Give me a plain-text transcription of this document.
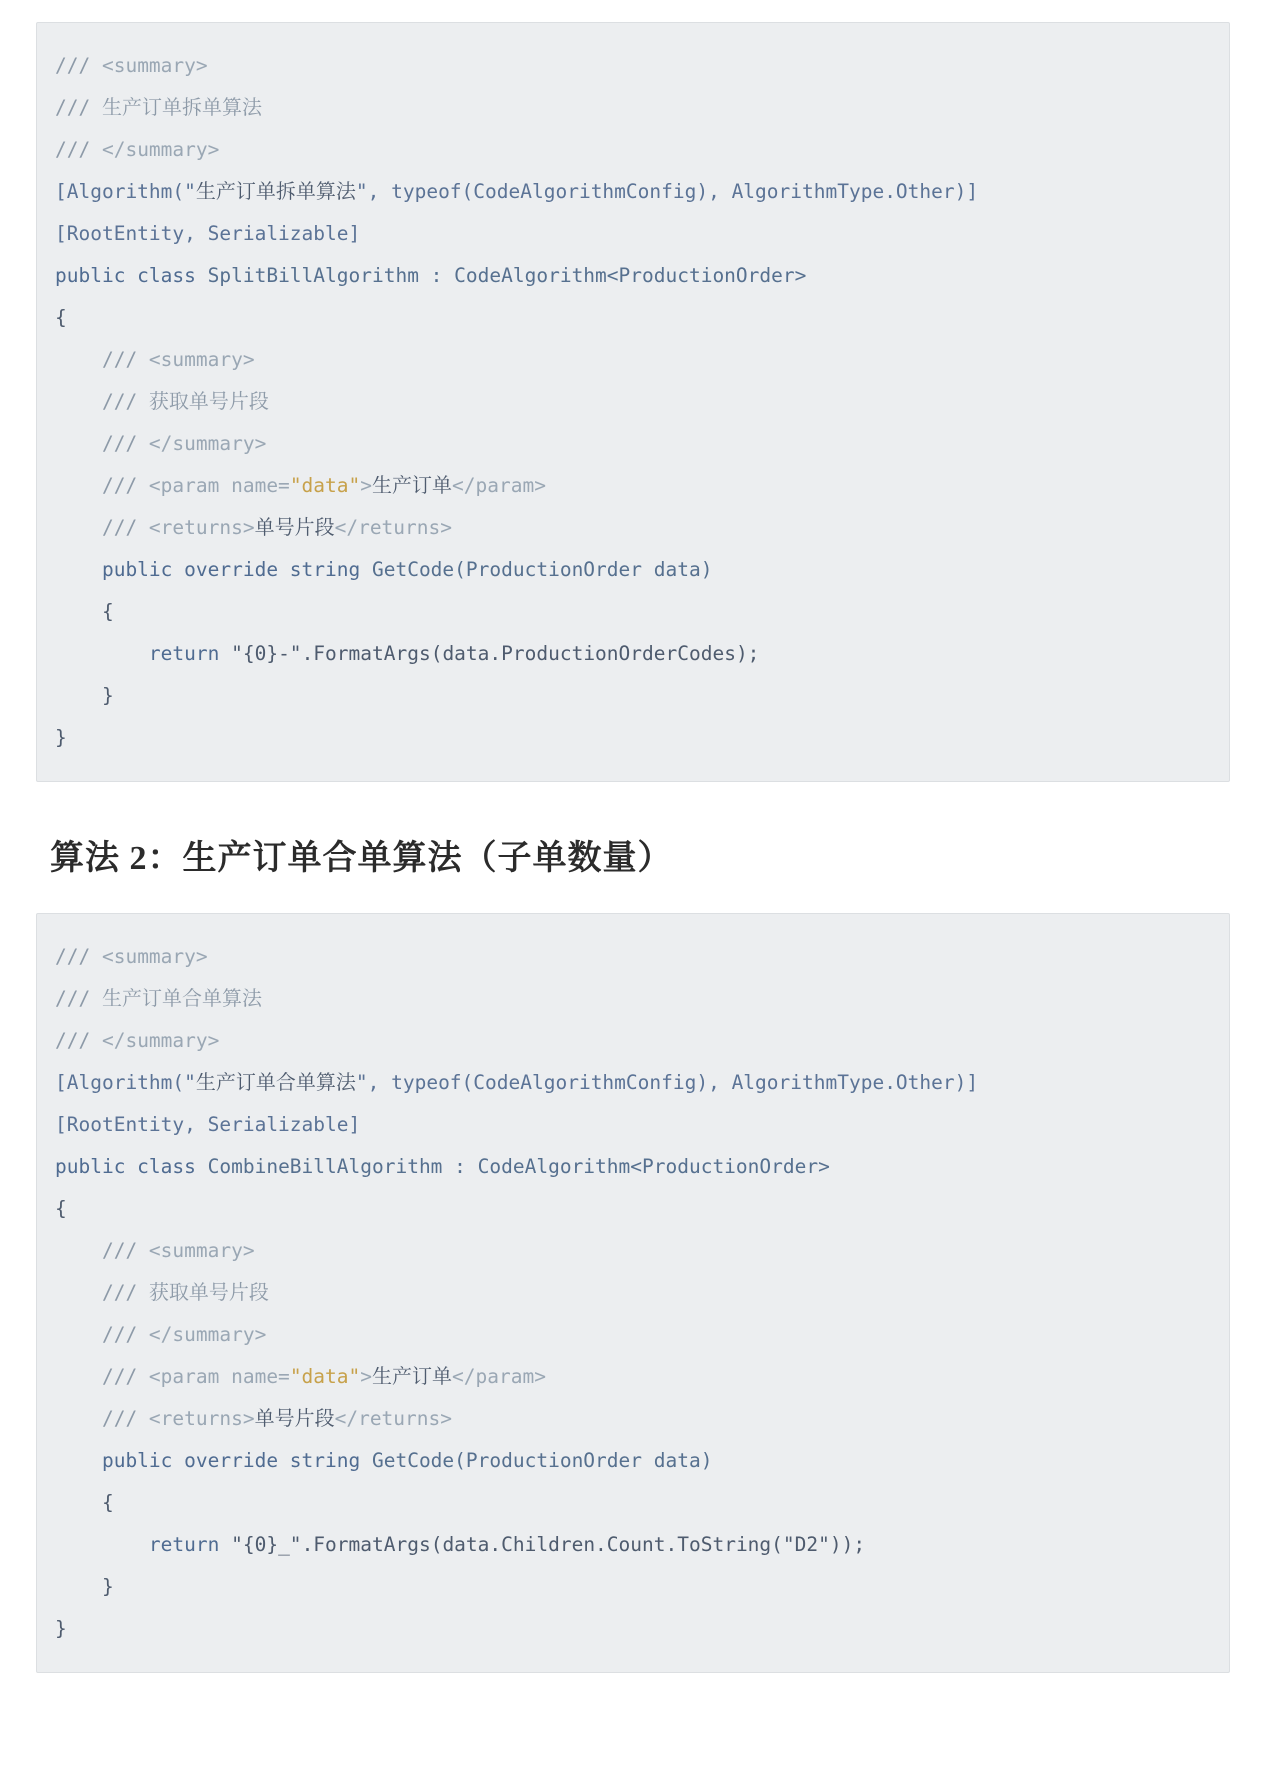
/// <summary>
/// 生产订单拆单算法
/// </summary>
[Algorithm("生产订单拆单算法", typeof(CodeAlgorithmConfig), AlgorithmType.Other)]
[RootEntity, Serializable]
public class SplitBillAlgorithm : CodeAlgorithm<ProductionOrder>
{
/// <summary>
/// 获取单号片段
/// </summary>
/// <param name="data">生产订单</param>
/// <returns>单号片段</returns>
public override string GetCode(ProductionOrder data)
{
return "{0}-".FormatArgs(data.ProductionOrderCodes);
}
}
算法 2：生产订单合单算法（子单数量）
/// <summary>
/// 生产订单合单算法
/// </summary>
[Algorithm("生产订单合单算法", typeof(CodeAlgorithmConfig), AlgorithmType.Other)]
[RootEntity, Serializable]
public class CombineBillAlgorithm : CodeAlgorithm<ProductionOrder>
{
/// <summary>
/// 获取单号片段
/// </summary>
/// <param name="data">生产订单</param>
/// <returns>单号片段</returns>
public override string GetCode(ProductionOrder data)
{
return "{0}_".FormatArgs(data.Children.Count.ToString("D2"));
}
}
